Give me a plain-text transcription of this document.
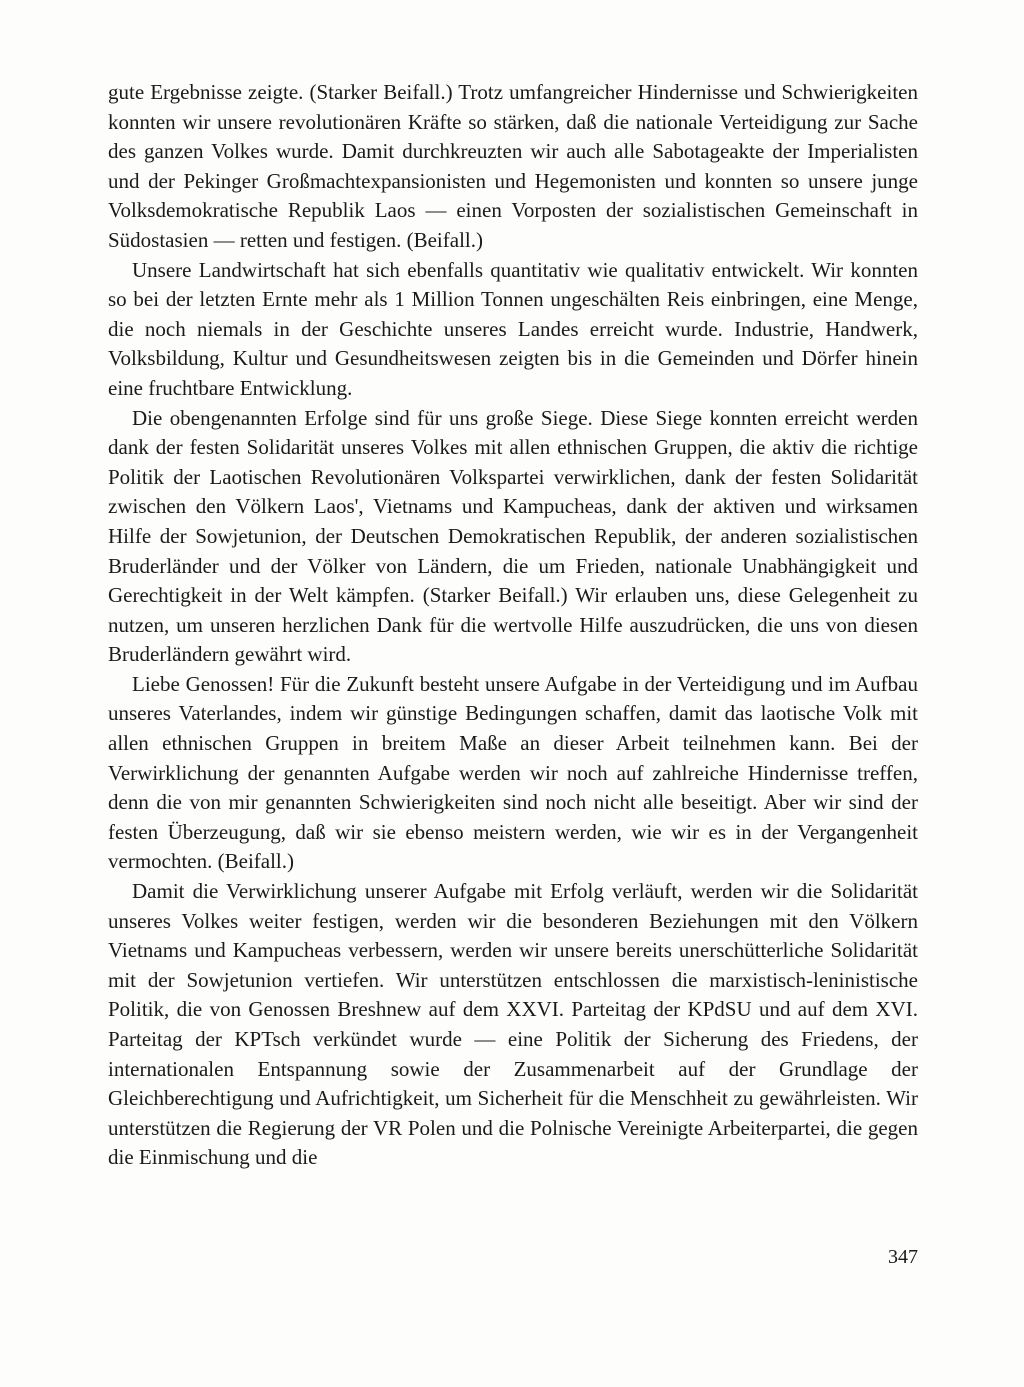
gute Ergebnisse zeigte. (Starker Beifall.) Trotz umfangreicher Hindernisse und Schwierigkeiten konnten wir unsere revolutionären Kräfte so stärken, daß die nationale Verteidigung zur Sache des ganzen Volkes wurde. Damit durchkreuzten wir auch alle Sabotageakte der Imperialisten und der Pekinger Großmachtexpansionisten und Hegemonisten und konnten so unsere junge Volksdemokratische Republik Laos — einen Vorposten der sozialistischen Gemeinschaft in Südostasien — retten und festigen. (Beifall.)

Unsere Landwirtschaft hat sich ebenfalls quantitativ wie qualitativ entwickelt. Wir konnten so bei der letzten Ernte mehr als 1 Million Tonnen ungeschälten Reis einbringen, eine Menge, die noch niemals in der Geschichte unseres Landes erreicht wurde. Industrie, Handwerk, Volksbildung, Kultur und Gesundheitswesen zeigten bis in die Gemeinden und Dörfer hinein eine fruchtbare Entwicklung.

Die obengenannten Erfolge sind für uns große Siege. Diese Siege konnten erreicht werden dank der festen Solidarität unseres Volkes mit allen ethnischen Gruppen, die aktiv die richtige Politik der Laotischen Revolutionären Volkspartei verwirklichen, dank der festen Solidarität zwischen den Völkern Laos', Vietnams und Kampucheas, dank der aktiven und wirksamen Hilfe der Sowjetunion, der Deutschen Demokratischen Republik, der anderen sozialistischen Bruderländer und der Völker von Ländern, die um Frieden, nationale Unabhängigkeit und Gerechtigkeit in der Welt kämpfen. (Starker Beifall.) Wir erlauben uns, diese Gelegenheit zu nutzen, um unseren herzlichen Dank für die wertvolle Hilfe auszudrücken, die uns von diesen Bruderländern gewährt wird.

Liebe Genossen! Für die Zukunft besteht unsere Aufgabe in der Verteidigung und im Aufbau unseres Vaterlandes, indem wir günstige Bedingungen schaffen, damit das laotische Volk mit allen ethnischen Gruppen in breitem Maße an dieser Arbeit teilnehmen kann. Bei der Verwirklichung der genannten Aufgabe werden wir noch auf zahlreiche Hindernisse treffen, denn die von mir genannten Schwierigkeiten sind noch nicht alle beseitigt. Aber wir sind der festen Überzeugung, daß wir sie ebenso meistern werden, wie wir es in der Vergangenheit vermochten. (Beifall.)

Damit die Verwirklichung unserer Aufgabe mit Erfolg verläuft, werden wir die Solidarität unseres Volkes weiter festigen, werden wir die besonderen Beziehungen mit den Völkern Vietnams und Kampucheas verbessern, werden wir unsere bereits unerschütterliche Solidarität mit der Sowjetunion vertiefen. Wir unterstützen entschlossen die marxistisch-leninistische Politik, die von Genossen Breshnew auf dem XXVI. Parteitag der KPdSU und auf dem XVI. Parteitag der KPTsch verkündet wurde — eine Politik der Sicherung des Friedens, der internationalen Entspannung sowie der Zusammenarbeit auf der Grundlage der Gleichberechtigung und Aufrichtigkeit, um Sicherheit für die Menschheit zu gewährleisten. Wir unterstützen die Regierung der VR Polen und die Polnische Vereinigte Arbeiterpartei, die gegen die Einmischung und die

347
